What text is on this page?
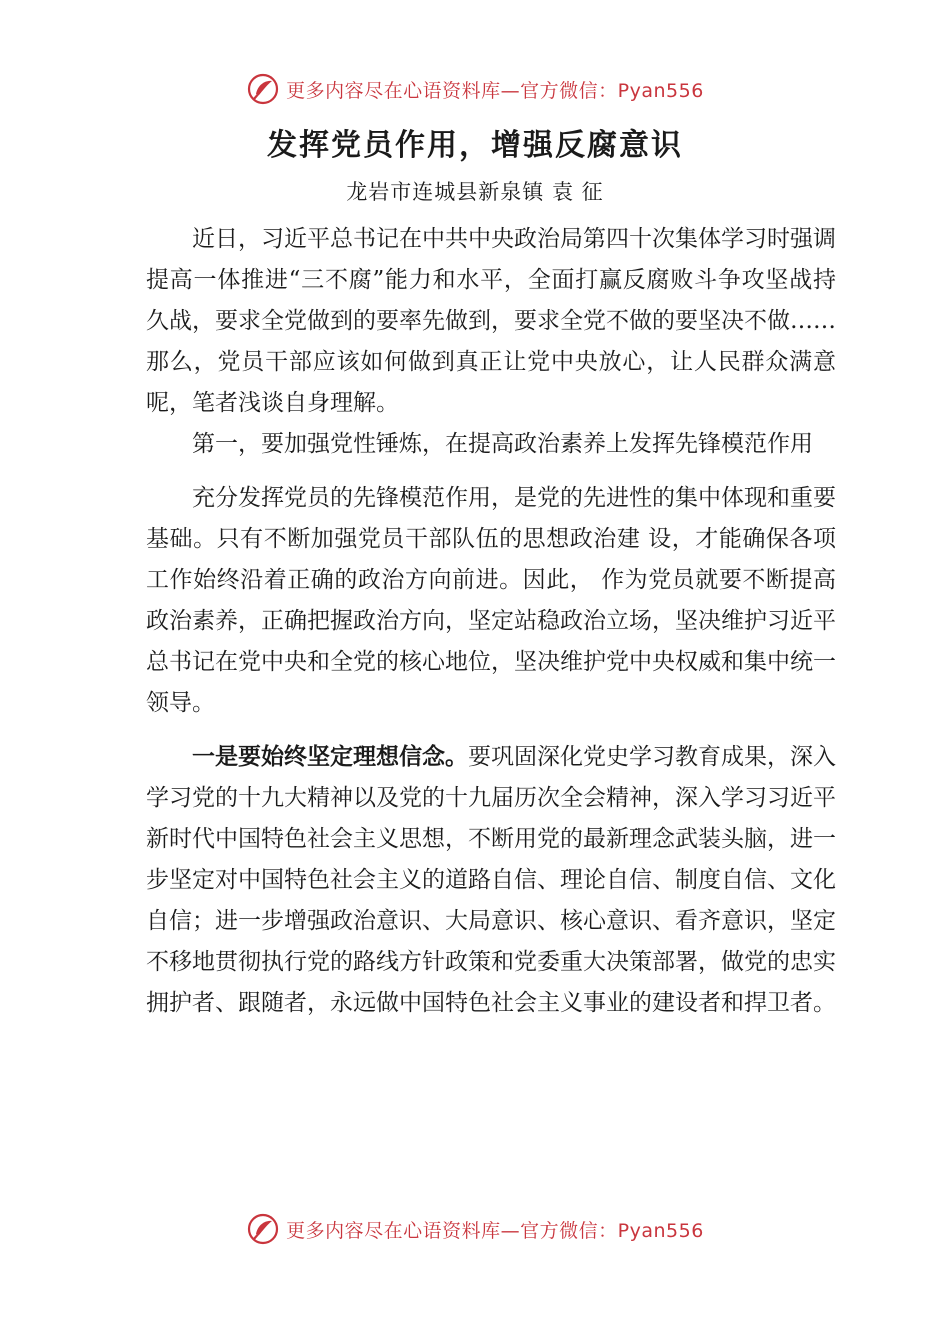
更多内容尽在心语资料库—官方微信：Pyan556
发挥党员作用，增强反腐意识
龙岩市连城县新泉镇 袁 征

近日，习近平总书记在中共中央政治局第四十次集体学习时强调提高一体推进“三不腐”能力和水平，全面打赢反腐败斗争攻坚战持久战，要求全党做到的要率先做到，要求全党不做的要坚决不做……那么，党员干部应该如何做到真正让党中央放心，让人民群众满意呢，笔者浅谈自身理解。

第一，要加强党性锤炼，在提高政治素养上发挥先锋模范作用

充分发挥党员的先锋模范作用，是党的先进性的集中体现和重要基础。只有不断加强党员干部队伍的思想政治建 设，才能确保各项工作始终沿着正确的政治方向前进。因此， 作为党员就要不断提高政治素养，正确把握政治方向，坚定站稳政治立场，坚决维护习近平总书记在党中央和全党的核心地位，坚决维护党中央权威和集中统一领导。

一是要始终坚定理想信念。要巩固深化党史学习教育成果，深入学习党的十九大精神以及党的十九届历次全会精神，深入学习习近平新时代中国特色社会主义思想，不断用党的最新理念武装头脑，进一步坚定对中国特色社会主义的道路自信、理论自信、制度自信、文化自信；进一步增强政治意识、大局意识、核心意识、看齐意识，坚定不移地贯彻执行党的路线方针政策和党委重大决策部署，做党的忠实拥护者、跟随者，永远做中国特色社会主义事业的建设者和捍卫者。

更多内容尽在心语资料库—官方微信：Pyan556
